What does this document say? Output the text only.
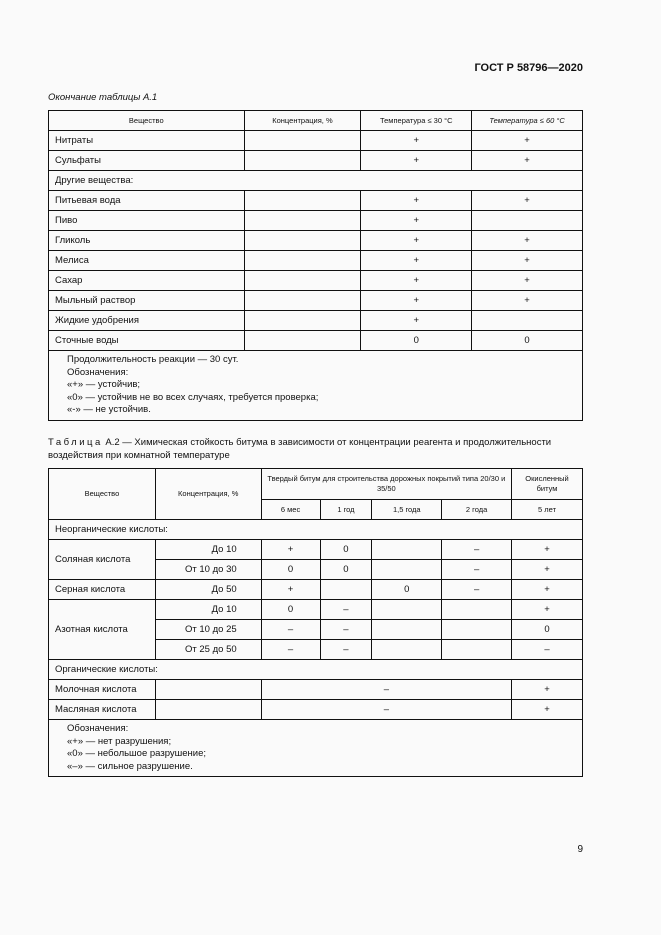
ГОСТ Р 58796—2020
Окончание таблицы А.1
Вещество	Концентрация, %	Температура ≤ 30 °С	Температура ≤ 60 °С
Нитраты		+	+
Сульфаты		+	+
Другие вещества:			
Питьевая вода		+	+
Пиво		+	
Гликоль		+	+
Мелиса		+	+
Сахар		+	+
Мыльный раствор		+	+
Жидкие удобрения		+	
Сточные воды		0	0

Продолжительность реакции — 30 сут.
Обозначения:
«+» — устойчив;
«0» — устойчив не во всех случаях, требуется проверка;
«-» — не устойчив.			
Таблица А.2 — Химическая стойкость битума в зависимости от концентрации реагента и продолжительности воздействия при комнатной температуре
Вещество	Концентрация, %	Твердый битум для строительства дорожных покрытий типа 20/30 и 35/50				Окисленный битум
		6 мес	1 год	1,5 года	2 года	5 лет
Неорганические кислоты:						
Соляная кислота	До 10	+	0		–	+
	От 10 до 30	0	0		–	+
Серная кислота	До 50	+		0	–	+
Азотная кислота	До 10	0	–			+
	От 10 до 25	–	–			0
	От 25 до 50	–	–			–
Органические кислоты:						
Молочная кислота		–				+
Масляная кислота		–				+

Обозначения:
«+» — нет разрушения;
«0» — небольшое разрушение;
«–» — сильное разрушение.						
9
